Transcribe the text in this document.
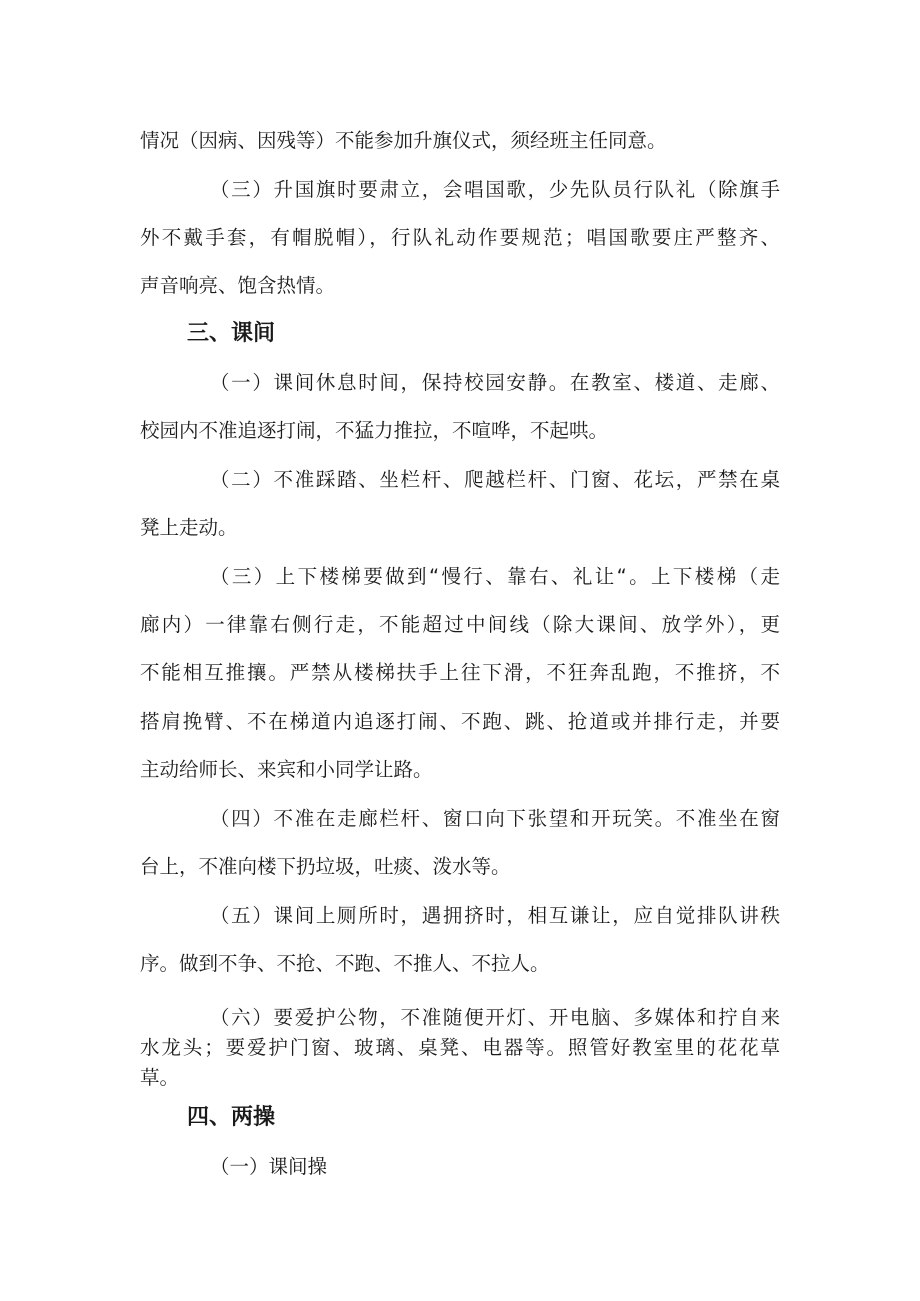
情况（因病、因残等）不能参加升旗仪式，须经班主任同意。

（三）升国旗时要肃立，会唱国歌，少先队员行队礼（除旗手

外不戴手套，有帽脱帽），行队礼动作要规范；唱国歌要庄严整齐、

声音响亮、饱含热情。

三、课间

（一）课间休息时间，保持校园安静。在教室、楼道、走廊、

校园内不准追逐打闹，不猛力推拉，不喧哗，不起哄。

（二）不准踩踏、坐栏杆、爬越栏杆、门窗、花坛，严禁在桌

凳上走动。

（三）上下楼梯要做到“慢行、靠右、礼让“。上下楼梯（走

廊内）一律靠右侧行走，不能超过中间线（除大课间、放学外），更

不能相互推攘。严禁从楼梯扶手上往下滑，不狂奔乱跑，不推挤，不

搭肩挽臂、不在梯道内追逐打闹、不跑、跳、抢道或并排行走，并要

主动给师长、来宾和小同学让路。

（四）不准在走廊栏杆、窗口向下张望和开玩笑。不准坐在窗

台上，不准向楼下扔垃圾，吐痰、泼水等。

（五）课间上厕所时，遇拥挤时，相互谦让，应自觉排队讲秩

序。做到不争、不抢、不跑、不推人、不拉人。

（六）要爱护公物，不准随便开灯、开电脑、多媒体和拧自来

水龙头；要爱护门窗、玻璃、桌凳、电器等。照管好教室里的花花草

草。

四、两操

（一）课间操
